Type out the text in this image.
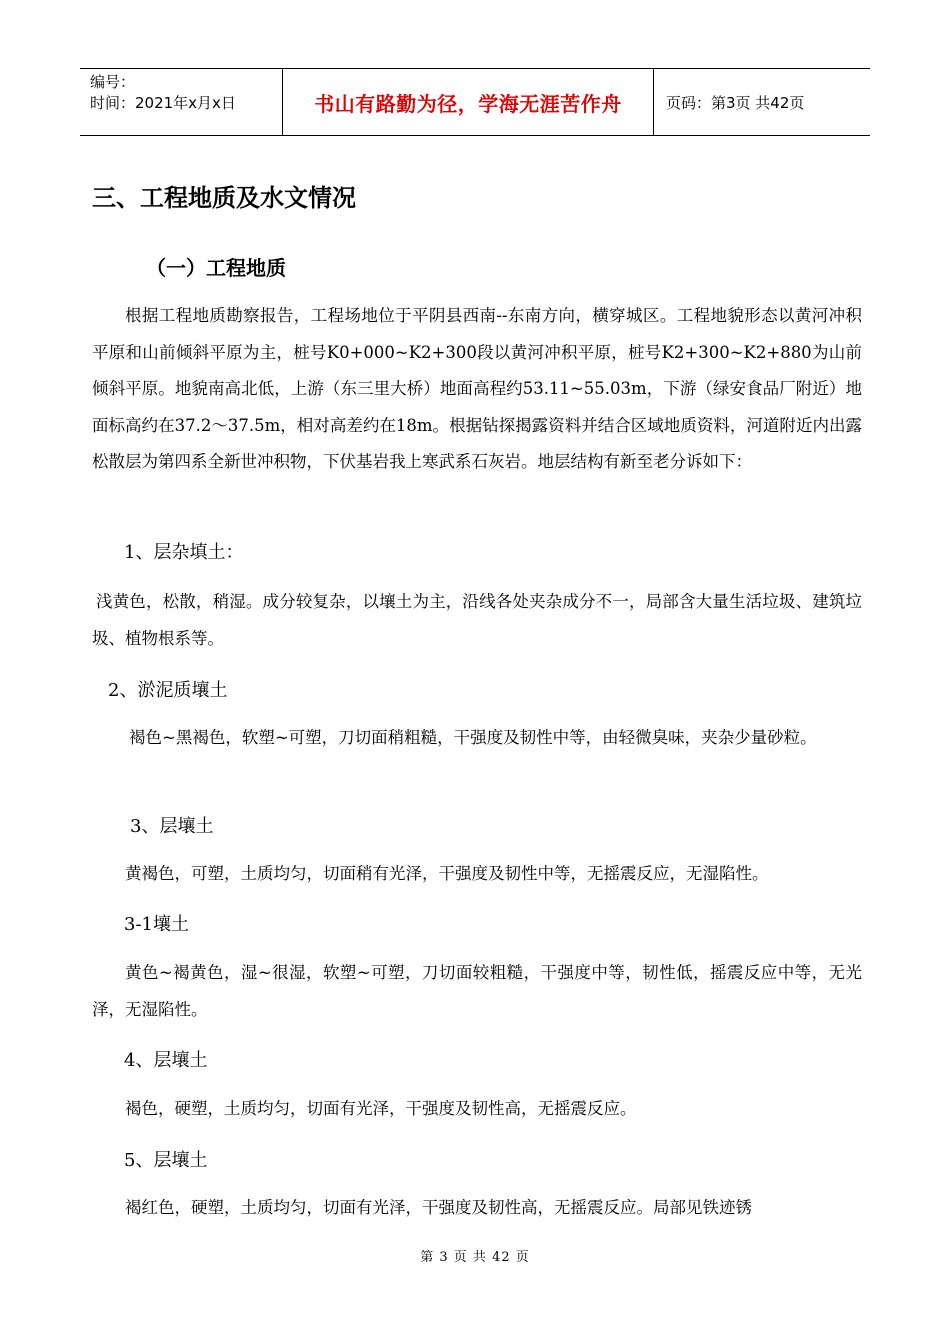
编号：
时间：2021年x月x日	书山有路勤为径，学海无涯苦作舟	页码：第3页 共42页
三、工程地质及水文情况
（一）工程地质

根据工程地质勘察报告，工程场地位于平阴县西南--东南方向，横穿城区。工程地貌形态以黄河冲积平原和山前倾斜平原为主，桩号K0+000~K2+300段以黄河冲积平原，桩号K2+300~K2+880为山前倾斜平原。地貌南高北低，上游（东三里大桥）地面高程约53.11~55.03m，下游（绿安食品厂附近）地面标高约在37.2～37.5m，相对高差约在18m。根据钻探揭露资料并结合区域地质资料，河道附近内出露松散层为第四系全新世冲积物，下伏基岩我上寒武系石灰岩。地层结构有新至老分诉如下：

1、层杂填土：

浅黄色，松散，稍湿。成分较复杂，以壤土为主，沿线各处夹杂成分不一，局部含大量生活垃圾、建筑垃圾、植物根系等。

2、淤泥质壤土

褐色~黑褐色，软塑~可塑，刀切面稍粗糙，干强度及韧性中等，由轻微臭味，夹杂少量砂粒。

3、层壤土

黄褐色，可塑，土质均匀，切面稍有光泽，干强度及韧性中等，无摇震反应，无湿陷性。

3-1壤土

黄色~褐黄色，湿~很湿，软塑~可塑，刀切面较粗糙，干强度中等，韧性低，摇震反应中等，无光泽，无湿陷性。

4、层壤土

褐色，硬塑，土质均匀，切面有光泽，干强度及韧性高，无摇震反应。

5、层壤土

褐红色，硬塑，土质均匀，切面有光泽，干强度及韧性高，无摇震反应。局部见铁迹锈

第 3 页 共 42 页
